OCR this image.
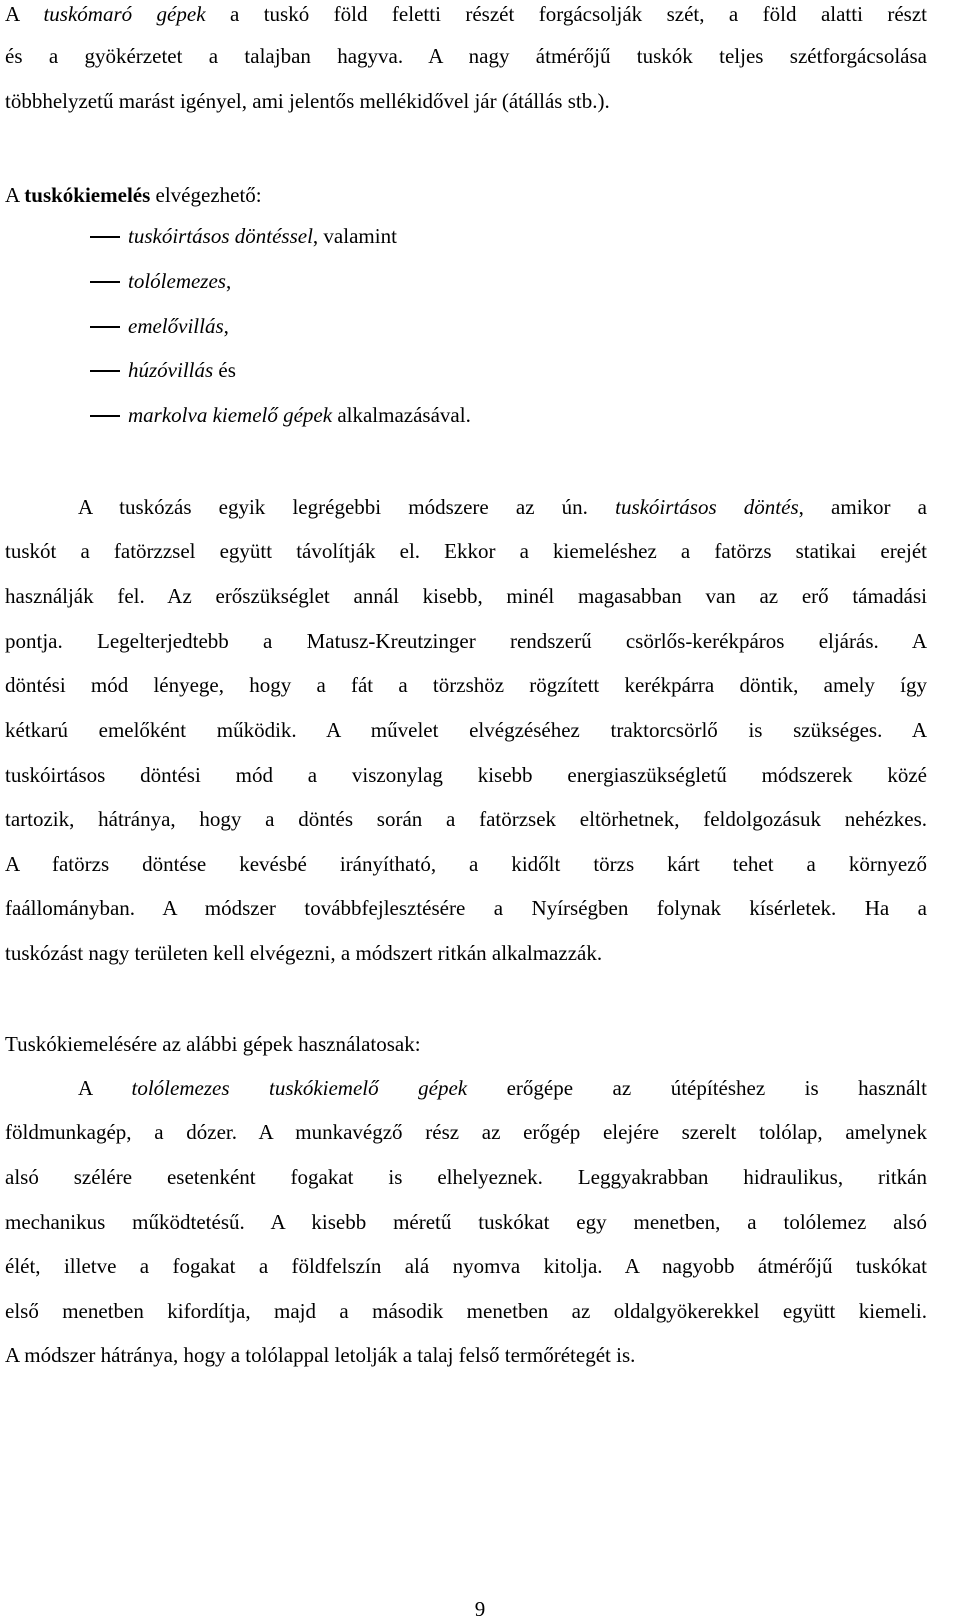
A tuskómaró gépek a tuskó föld feletti részét forgácsolják szét, a föld alatti részt
és a gyökérzetet a talajban hagyva. A nagy átmérőjű tuskók teljes szétforgácsolása
többhelyzetű marást igényel, ami jelentős mellékidővel jár (átállás stb.).
A tuskókiemelés elvégezhető:
tuskóirtásos döntéssel, valamint
tolólemezes,
emelővillás,
húzóvillás és
markolva kiemelő gépek alkalmazásával.
A tuskózás egyik legrégebbi módszere az ún. tuskóirtásos döntés, amikor a
tuskót a fatörzzsel együtt távolítják el. Ekkor a kiemeléshez a fatörzs statikai erejét
használják fel. Az erőszükséglet annál kisebb, minél magasabban van az erő támadási
pontja. Legelterjedtebb a Matusz-Kreutzinger rendszerű csörlős-kerékpáros eljárás. A
döntési mód lényege, hogy a fát a törzshöz rögzített kerékpárra döntik, amely így
kétkarú emelőként működik. A művelet elvégzéséhez traktorcsörlő is szükséges. A
tuskóirtásos döntési mód a viszonylag kisebb energiaszükségletű módszerek közé
tartozik, hátránya, hogy a döntés során a fatörzsek eltörhetnek, feldolgozásuk nehézkes.
A fatörzs döntése kevésbé irányítható, a kidőlt törzs kárt tehet a környező
faállományban. A módszer továbbfejlesztésére a Nyírségben folynak kísérletek. Ha a
tuskózást nagy területen kell elvégezni, a módszert ritkán alkalmazzák.
Tuskókiemelésére az alábbi gépek használatosak:
A tolólemezes tuskókiemelő gépek erőgépe az útépítéshez is használt
földmunkagép, a dózer. A munkavégző rész az erőgép elejére szerelt tolólap, amelynek
alsó szélére esetenként fogakat is elhelyeznek. Leggyakrabban hidraulikus, ritkán
mechanikus működtetésű. A kisebb méretű tuskókat egy menetben, a tolólemez alsó
élét, illetve a fogakat a földfelszín alá nyomva kitolja. A nagyobb átmérőjű tuskókat
első menetben kifordítja, majd a második menetben az oldalgyökerekkel együtt kiemeli.
A módszer hátránya, hogy a tolólappal letolják a talaj felső termőrétegét is.
9
